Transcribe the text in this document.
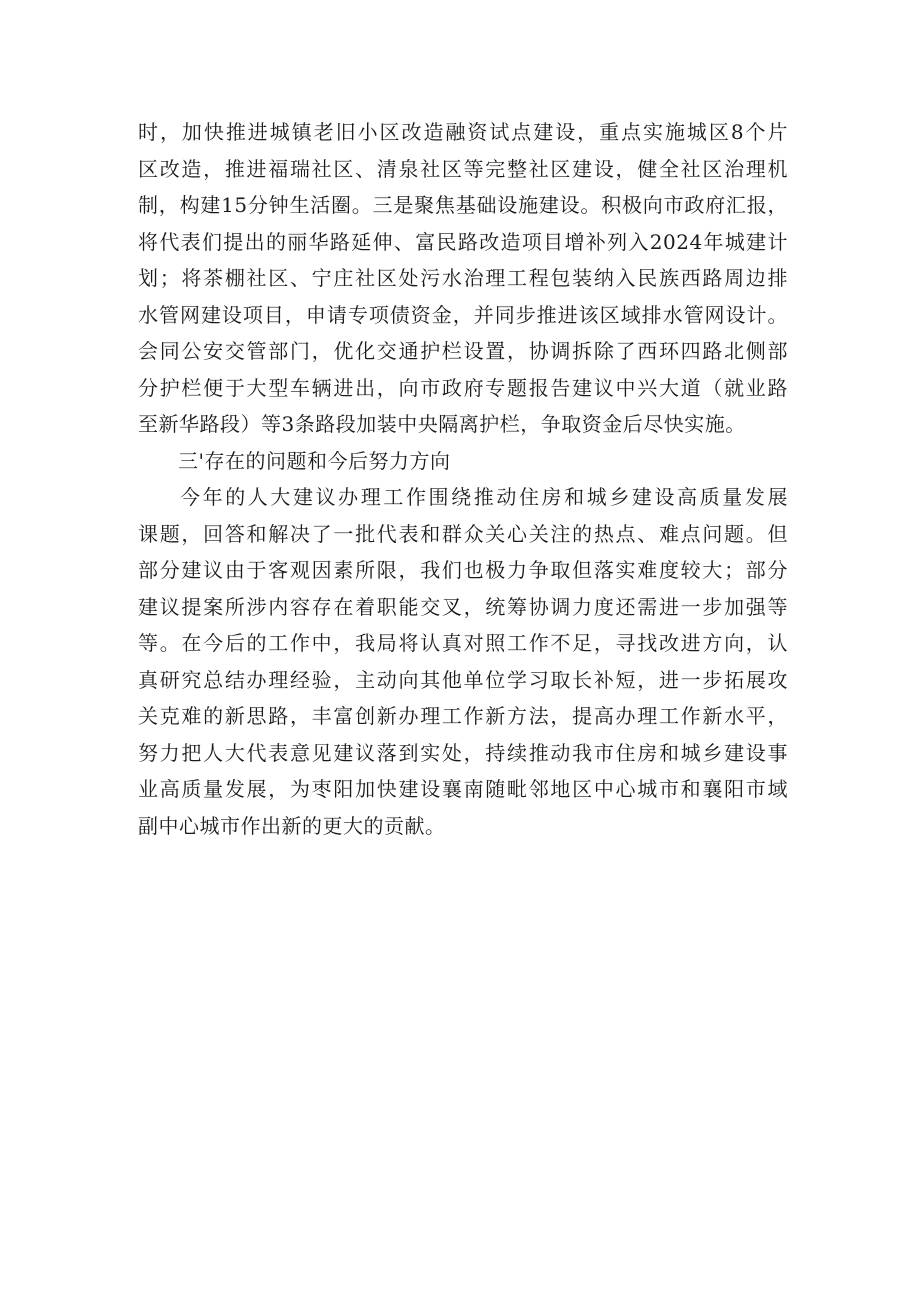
时，加快推进城镇老旧小区改造融资试点建设，重点实施城区8个片
区改造，推进福瑞社区、清泉社区等完整社区建设，健全社区治理机
制，构建15分钟生活圈。三是聚焦基础设施建设。积极向市政府汇报，
将代表们提出的丽华路延伸、富民路改造项目增补列入2024年城建计
划；将茶棚社区、宁庄社区处污水治理工程包装纳入民族西路周边排
水管网建设项目，申请专项债资金，并同步推进该区域排水管网设计。
会同公安交管部门，优化交通护栏设置，协调拆除了西环四路北侧部
分护栏便于大型车辆进出，向市政府专题报告建议中兴大道（就业路
至新华路段）等3条路段加装中央隔离护栏，争取资金后尽快实施。
三'存在的问题和今后努力方向
今年的人大建议办理工作围绕推动住房和城乡建设高质量发展
课题，回答和解决了一批代表和群众关心关注的热点、难点问题。但
部分建议由于客观因素所限，我们也极力争取但落实难度较大；部分
建议提案所涉内容存在着职能交叉，统筹协调力度还需进一步加强等
等。在今后的工作中，我局将认真对照工作不足，寻找改进方向，认
真研究总结办理经验，主动向其他单位学习取长补短，进一步拓展攻
关克难的新思路，丰富创新办理工作新方法，提高办理工作新水平，
努力把人大代表意见建议落到实处，持续推动我市住房和城乡建设事
业高质量发展，为枣阳加快建设襄南随毗邻地区中心城市和襄阳市域
副中心城市作出新的更大的贡献。
